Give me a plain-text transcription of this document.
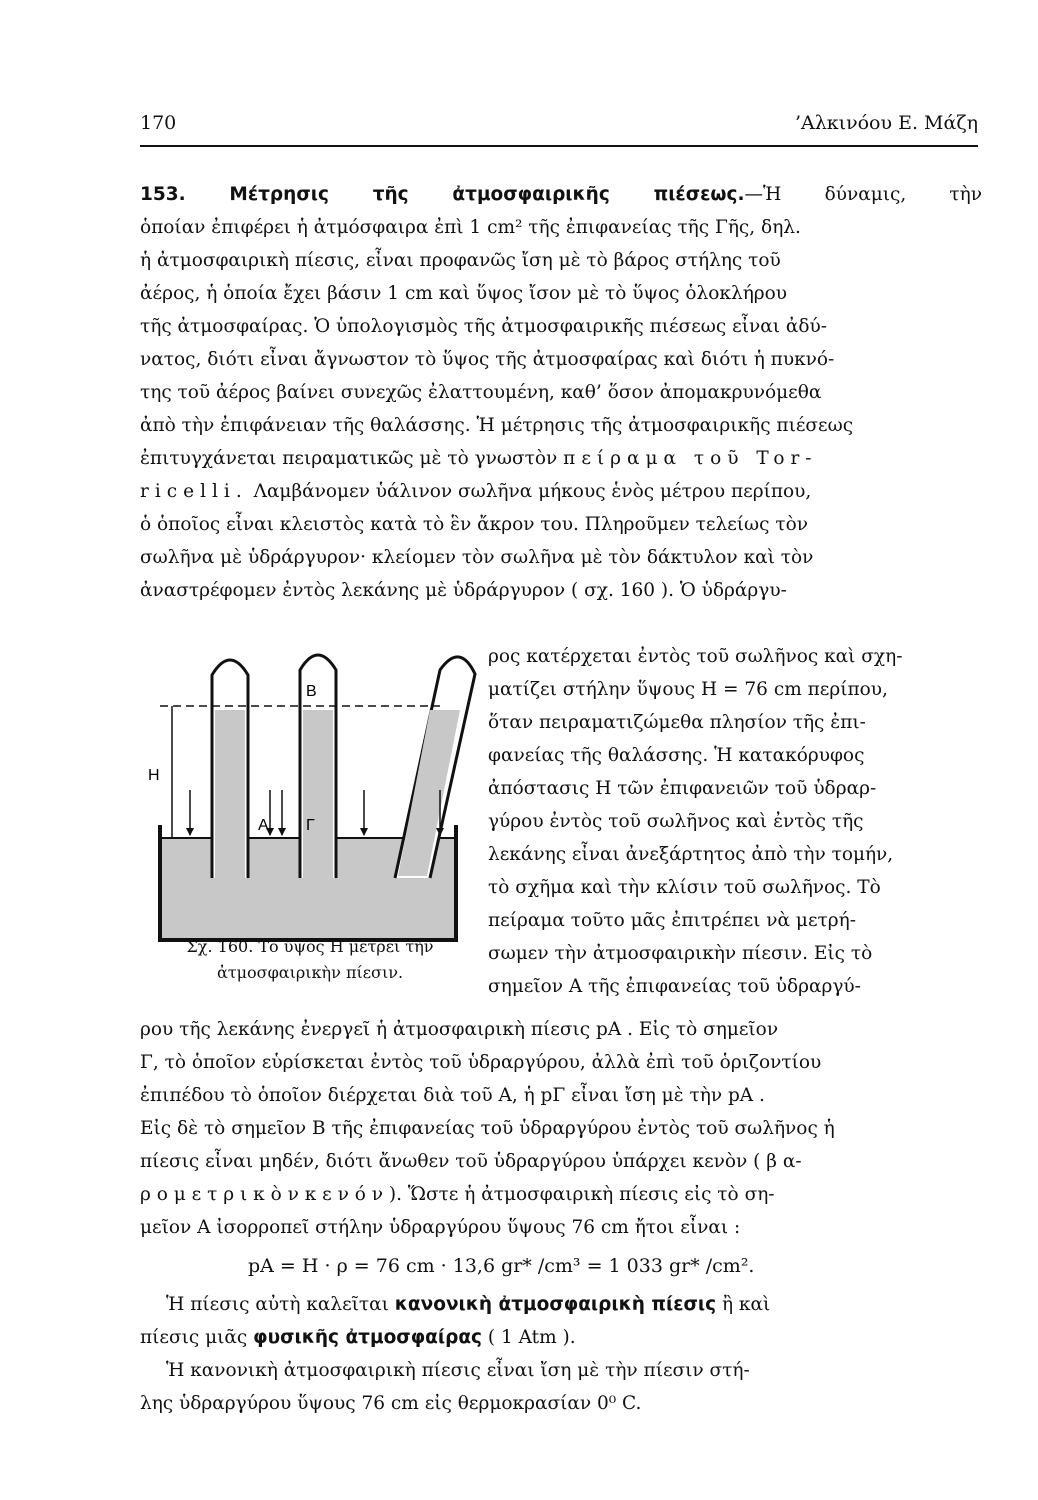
170	’Αλκινόου Ε. Μάζη

153. Μέτρησις τῆς ἀτμοσφαιρικῆς πιέσεως.—Ἡ δύναμις, τὴν
ὁποίαν ἐπιφέρει ἡ ἀτμόσφαιρα ἐπὶ 1 cm² τῆς ἐπιφανείας τῆς Γῆς, δηλ.
ἡ ἀτμοσφαιρικὴ πίεσις, εἶναι προφανῶς ἴση μὲ τὸ βάρος στήλης τοῦ
ἀέρος, ἡ ὁποία ἔχει βάσιν 1 cm καὶ ὕψος ἴσον μὲ τὸ ὕψος ὁλοκλήρου
τῆς ἀτμοσφαίρας. Ὁ ὑπολογισμὸς τῆς ἀτμοσφαιρικῆς πιέσεως εἶναι ἀδύ-
νατος, διότι εἶναι ἄγνωστον τὸ ὕψος τῆς ἀτμοσφαίρας καὶ διότι ἡ πυκνό-
της τοῦ ἀέρος βαίνει συνεχῶς ἐλαττουμένη, καθ’ ὅσον ἀπομακρυνόμεθα
ἀπὸ τὴν ἐπιφάνειαν τῆς θαλάσσης. Ἡ μέτρησις τῆς ἀτμοσφαιρικῆς πιέσεως
ἐπιτυγχάνεται πειραματικῶς μὲ τὸ γνωστὸν πείραμα τοῦ Tor-
ricelli. Λαμβάνομεν ὑάλινον σωλῆνα μήκους ἑνὸς μέτρου περίπου,
ὁ ὁποῖος εἶναι κλειστὸς κατὰ τὸ ἓν ἄκρον του. Πληροῦμεν τελείως τὸν
σωλῆνα μὲ ὑδράργυρον· κλείομεν τὸν σωλῆνα μὲ τὸν δάκτυλον καὶ τὸν
ἀναστρέφομεν ἐντὸς λεκάνης μὲ ὑδράργυρον ( σχ. 160 ). Ὁ ὑδράργυ-

ρος κατέρχεται ἐντὸς τοῦ σωλῆνος καὶ σχη-
ματίζει στήλην ὕψους H = 76 cm περίπου,
ὅταν πειραματιζώμεθα πλησίον τῆς ἐπι-
φανείας τῆς θαλάσσης. Ἡ κατακόρυφος
ἀπόστασις H τῶν ἐπιφανειῶν τοῦ ὑδραρ-
γύρου ἐντὸς τοῦ σωλῆνος καὶ ἐντὸς τῆς
λεκάνης εἶναι ἀνεξάρτητος ἀπὸ τὴν τομήν,
τὸ σχῆμα καὶ τὴν κλίσιν τοῦ σωλῆνος. Τὸ
πείραμα τοῦτο μᾶς ἐπιτρέπει νὰ μετρή-
σωμεν τὴν ἀτμοσφαιρικὴν πίεσιν. Εἰς τὸ
σημεῖον A τῆς ἐπιφανείας τοῦ ὑδραργύ-

H
B
A Γ

Σχ. 160. Τὸ ὕψος H μετρεῖ τὴν
ἀτμοσφαιρικὴν πίεσιν.

ρου τῆς λεκάνης ἐνεργεῖ ἡ ἀτμοσφαιρικὴ πίεσις pA . Εἰς τὸ σημεῖον
Γ, τὸ ὁποῖον εὑρίσκεται ἐντὸς τοῦ ὑδραργύρου, ἀλλὰ ἐπὶ τοῦ ὁριζοντίου
ἐπιπέδου τὸ ὁποῖον διέρχεται διὰ τοῦ A, ἡ pΓ εἶναι ἴση μὲ τὴν pA .
Εἰς δὲ τὸ σημεῖον B τῆς ἐπιφανείας τοῦ ὑδραργύρου ἐντὸς τοῦ σωλῆνος ἡ
πίεσις εἶναι μηδέν, διότι ἄνωθεν τοῦ ὑδραργύρου ὑπάρχει κενὸν ( β α-
ρ ο μ ε τ ρ ι κ ὸ ν κ ε ν ό ν ). Ὥστε ἡ ἀτμοσφαιρικὴ πίεσις εἰς τὸ ση-
μεῖον A ἰσορροπεῖ στήλην ὑδραργύρου ὕψους 76 cm ἤτοι εἶναι :

pA = H · ρ = 76 cm · 13,6 gr* /cm³ = 1 033 gr* /cm².

Ἡ πίεσις αὐτὴ καλεῖται κανονικὴ ἀτμοσφαιρικὴ πίεσις ἢ καὶ
πίεσις μιᾶς φυσικῆς ἀτμοσφαίρας ( 1 Atm ).
Ἡ κανονικὴ ἀτμοσφαιρικὴ πίεσις εἶναι ἴση μὲ τὴν πίεσιν στή-
λης ὑδραργύρου ὕψους 76 cm εἰς θερμοκρασίαν 0⁰ C.
